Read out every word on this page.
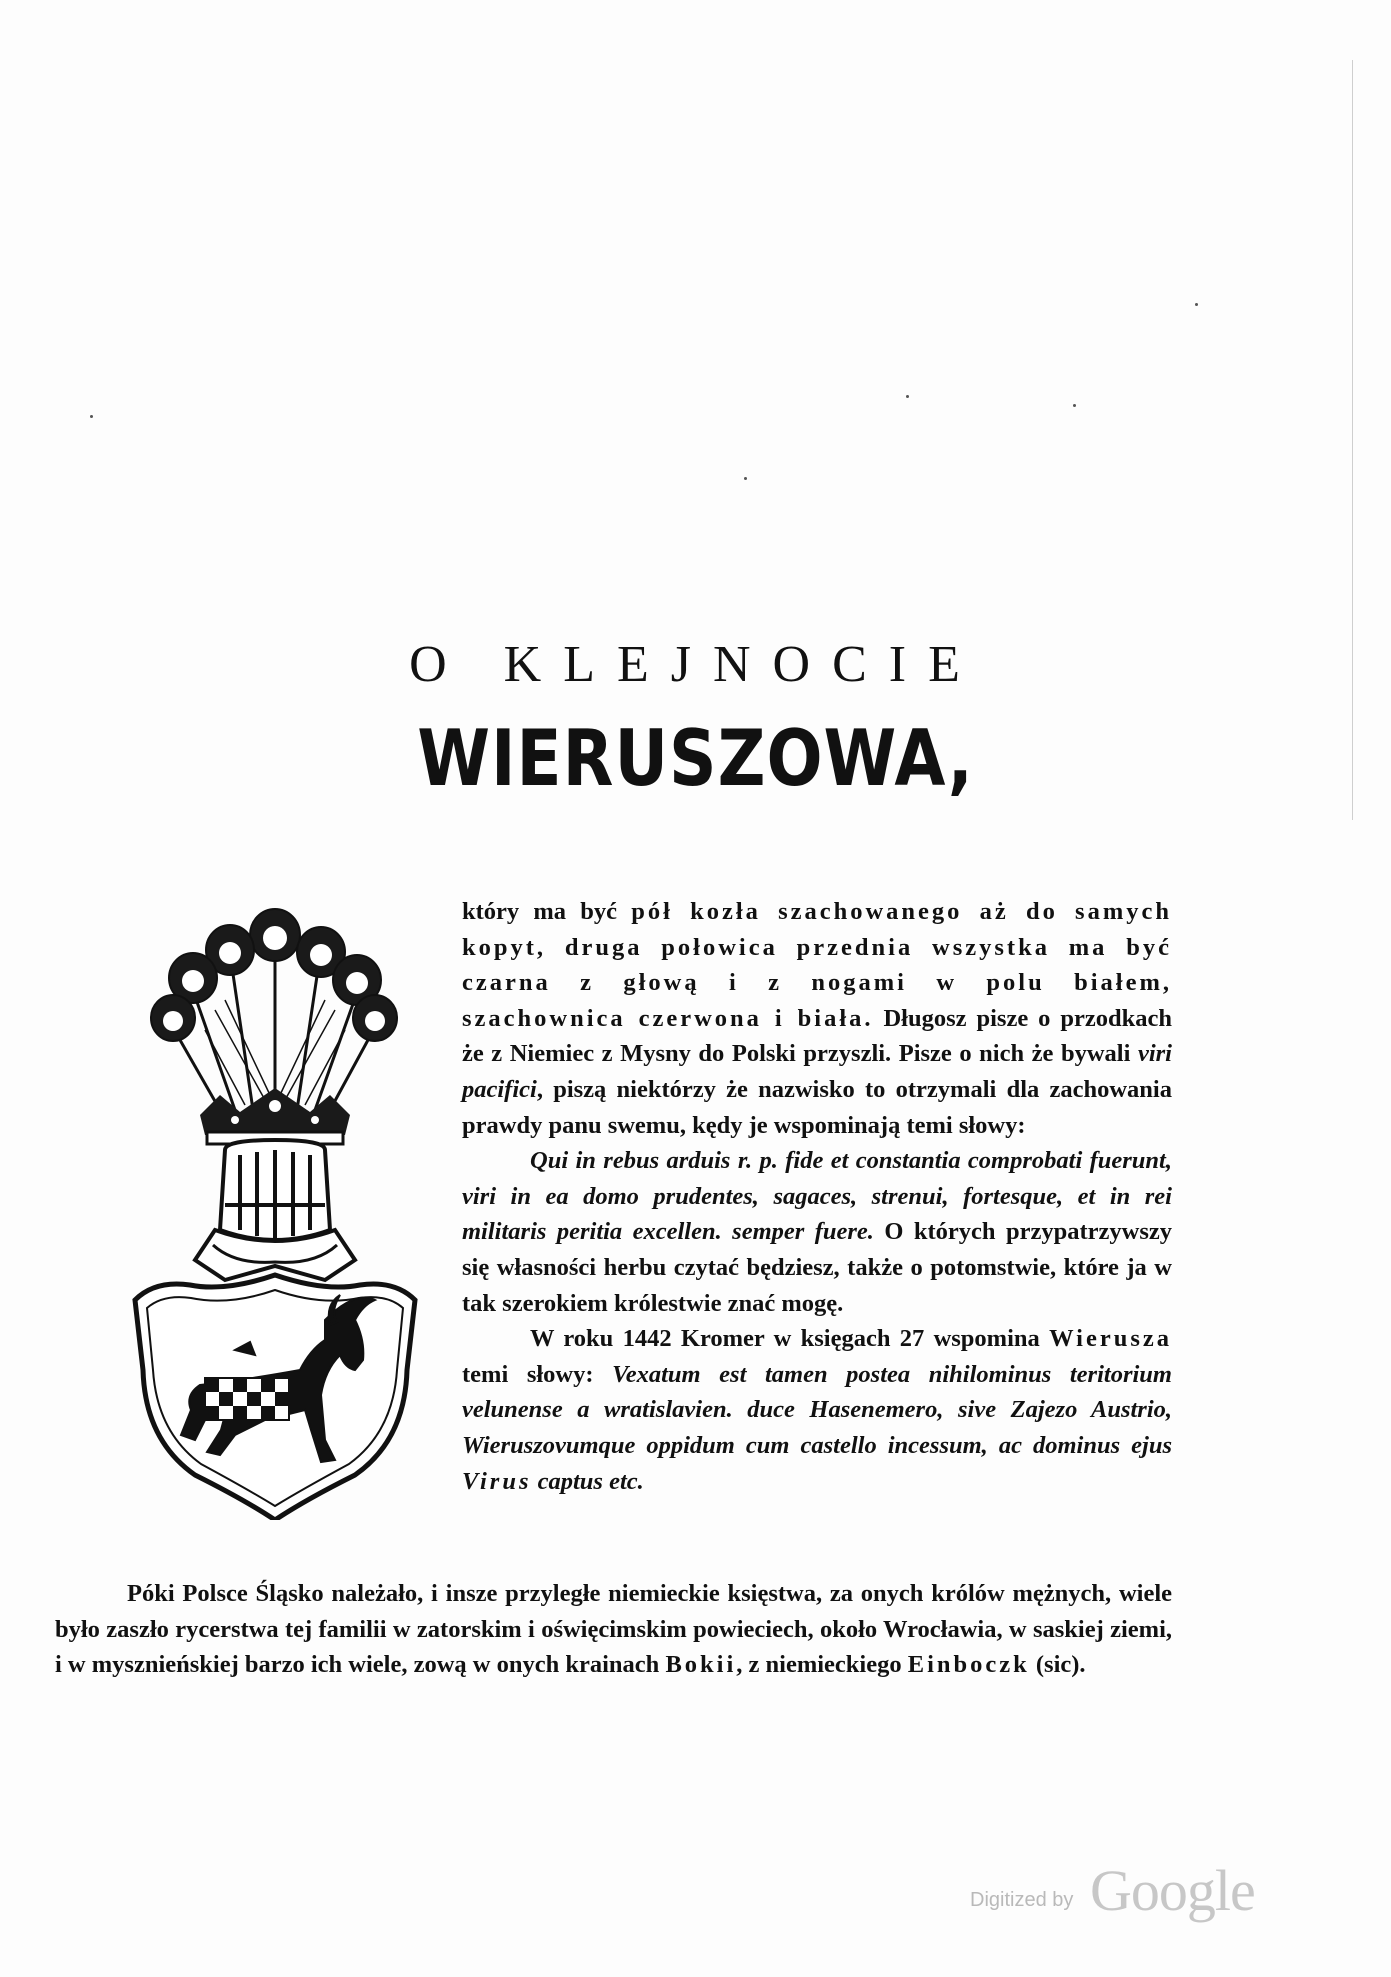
O KLEJNOCIE
WIERUSZOWA,

który ma być pół kozła szachowanego aż do samych kopyt, druga połowica przednia wszystka ma być czarna z głową i z nogami w polu białem, szachownica czerwona i biała. Długosz pisze o przodkach że z Niemiec z Mysny do Polski przyszli. Pisze o nich że bywali viri pacifici, piszą niektórzy że nazwisko to otrzymali dla zachowania prawdy panu swemu, kędy je wspominają temi słowy:

Qui in rebus arduis r. p. fide et constantia comprobati fuerunt, viri in ea domo prudentes, sagaces, strenui, fortesque, et in rei militaris peritia excellen. semper fuere. O których przypatrzywszy się własności herbu czytać będziesz, także o potomstwie, które ja w tak szerokiem królestwie znać mogę.

W roku 1442 Kromer w księgach 27 wspomina Wierusza temi słowy: Vexatum est tamen postea nihilominus teritorium velunense a wratislavien. duce Hasenemero, sive Zajezo Austrio, Wieruszovumque oppidum cum castello incessum, ac dominus ejus Virus captus etc.

Póki Polsce Śląsko należało, i insze przyległe niemieckie księstwa, za onych królów mężnych, wiele było zaszło rycerstwa tej familii w zatorskim i oświęcimskim powieciech, około Wrocławia, w saskiej ziemi, i w mysznieńskiej barzo ich wiele, zową w onych krainach Bokii, z niemieckiego Einboczk (sic).

Digitized by Google
